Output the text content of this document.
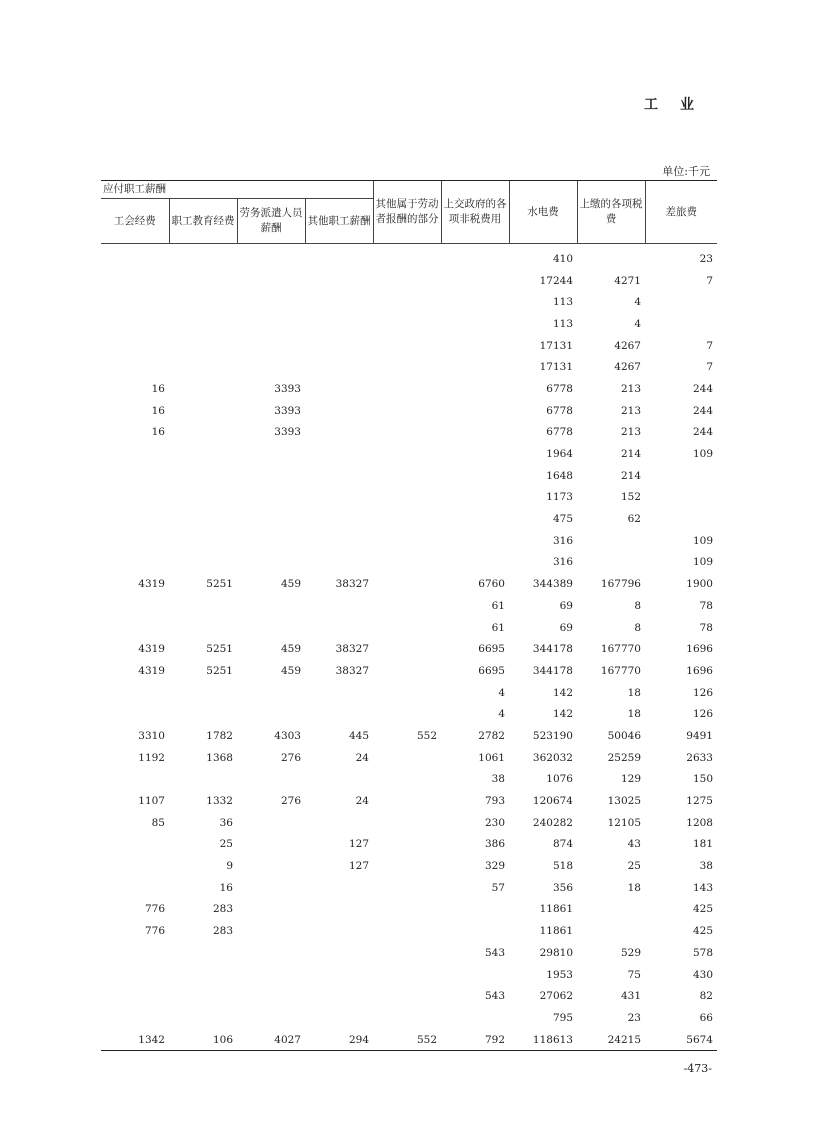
工业
单位:千元
应付职工薪酬				其他属于劳动者报酬的部分	上交政府的各项非税费用	水电费	上缴的各项税费	差旅费
工会经费	职工教育经费	劳务派遣人员薪酬	其他职工薪酬					
						410		23
						17244	4271	7
						113	4	
						113	4	
						17131	4267	7
						17131	4267	7
16		3393				6778	213	244
16		3393				6778	213	244
16		3393				6778	213	244
						1964	214	109
						1648	214	
						1173	152	
						475	62	
						316		109
						316		109
4319	5251	459	38327		6760	344389	167796	1900
					61	69	8	78
					61	69	8	78
4319	5251	459	38327		6695	344178	167770	1696
4319	5251	459	38327		6695	344178	167770	1696
					4	142	18	126
					4	142	18	126
3310	1782	4303	445	552	2782	523190	50046	9491
1192	1368	276	24		1061	362032	25259	2633
					38	1076	129	150
1107	1332	276	24		793	120674	13025	1275
85	36				230	240282	12105	1208
	25		127		386	874	43	181
	9		127		329	518	25	38
	16				57	356	18	143
776	283					11861		425
776	283					11861		425
					543	29810	529	578
						1953	75	430
					543	27062	431	82
						795	23	66
1342	106	4027	294	552	792	118613	24215	5674
-473-
